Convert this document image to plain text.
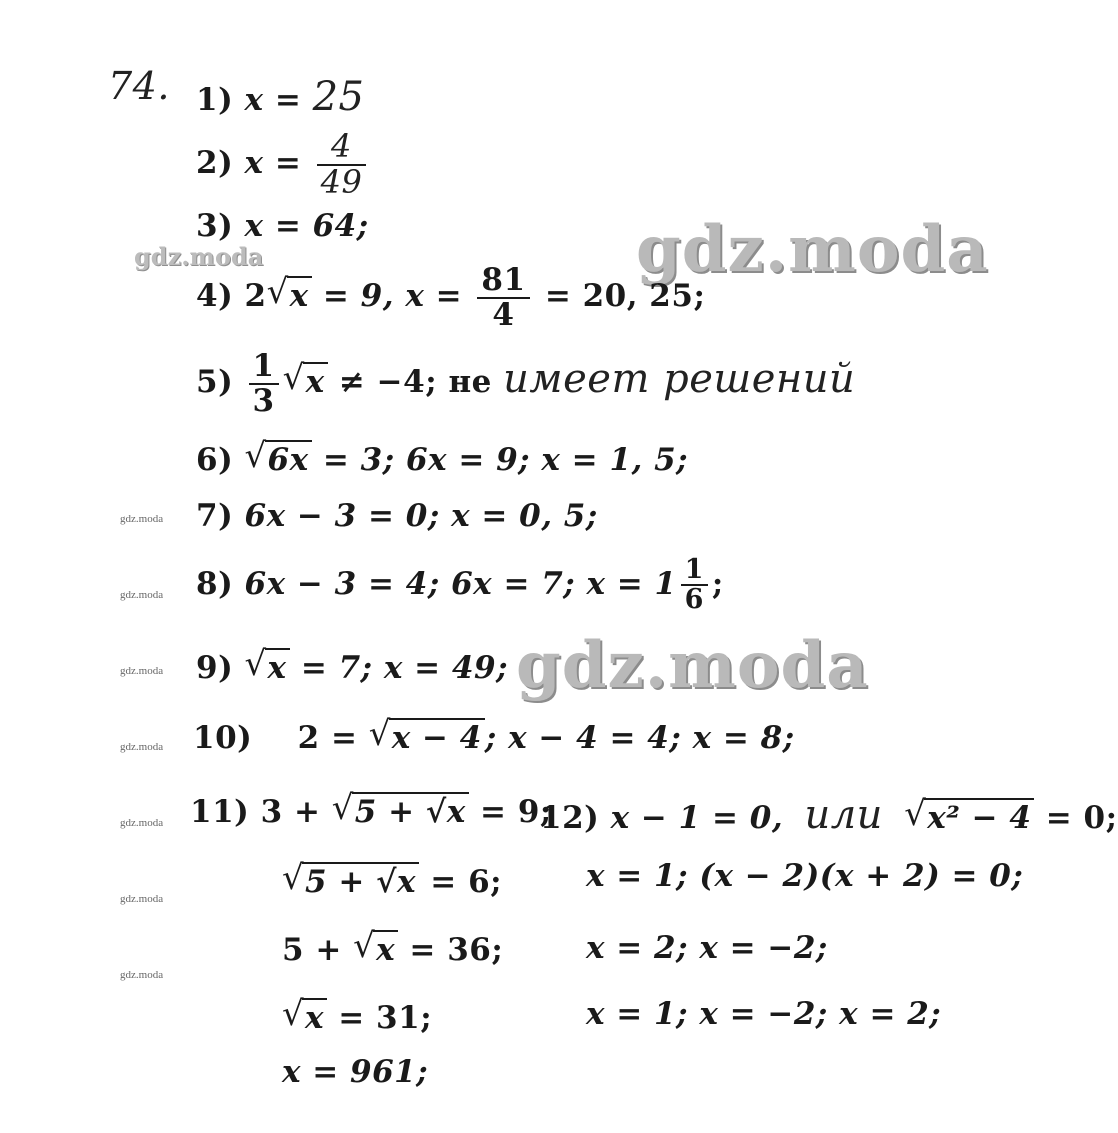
gdz.moda
gdz.moda
gdz.moda
gdz.moda
gdz.moda
gdz.moda
gdz.moda
gdz.moda
gdz.moda
gdz.moda
74. 1) x = 25
2) $x = \frac{4}{49}$
3) x = 64;
4) 2 √ x = 9, $x = \frac{81}{4} = 20$, 25;
$5) \frac{1}{3}$ √ x ≠ −4; не имеет решений
6) √ 6x = 3; 6x = 9; x = 1, 5;
7) 6x − 3 = 0; x = 0, 5;
8) 6x − 3 = 4; 6x = 7; $x = 1 \frac{1}{6}$ ;
9) √ x = 7; x = 49;
10) 2 = √ x − 4; x − 4 = 4; x = 8;
11) 3 + √ 5 + √x = 9;
12) x − 1 = 0, или √ x² − 4 = 0;
√ 5 + √x = 6;	x = 1; (x − 2)(x + 2) = 0;
5 + √ x = 36;	x = 2; x = −2;
√ x = 31;	x = 1; x = −2; x = 2;
x = 961;
